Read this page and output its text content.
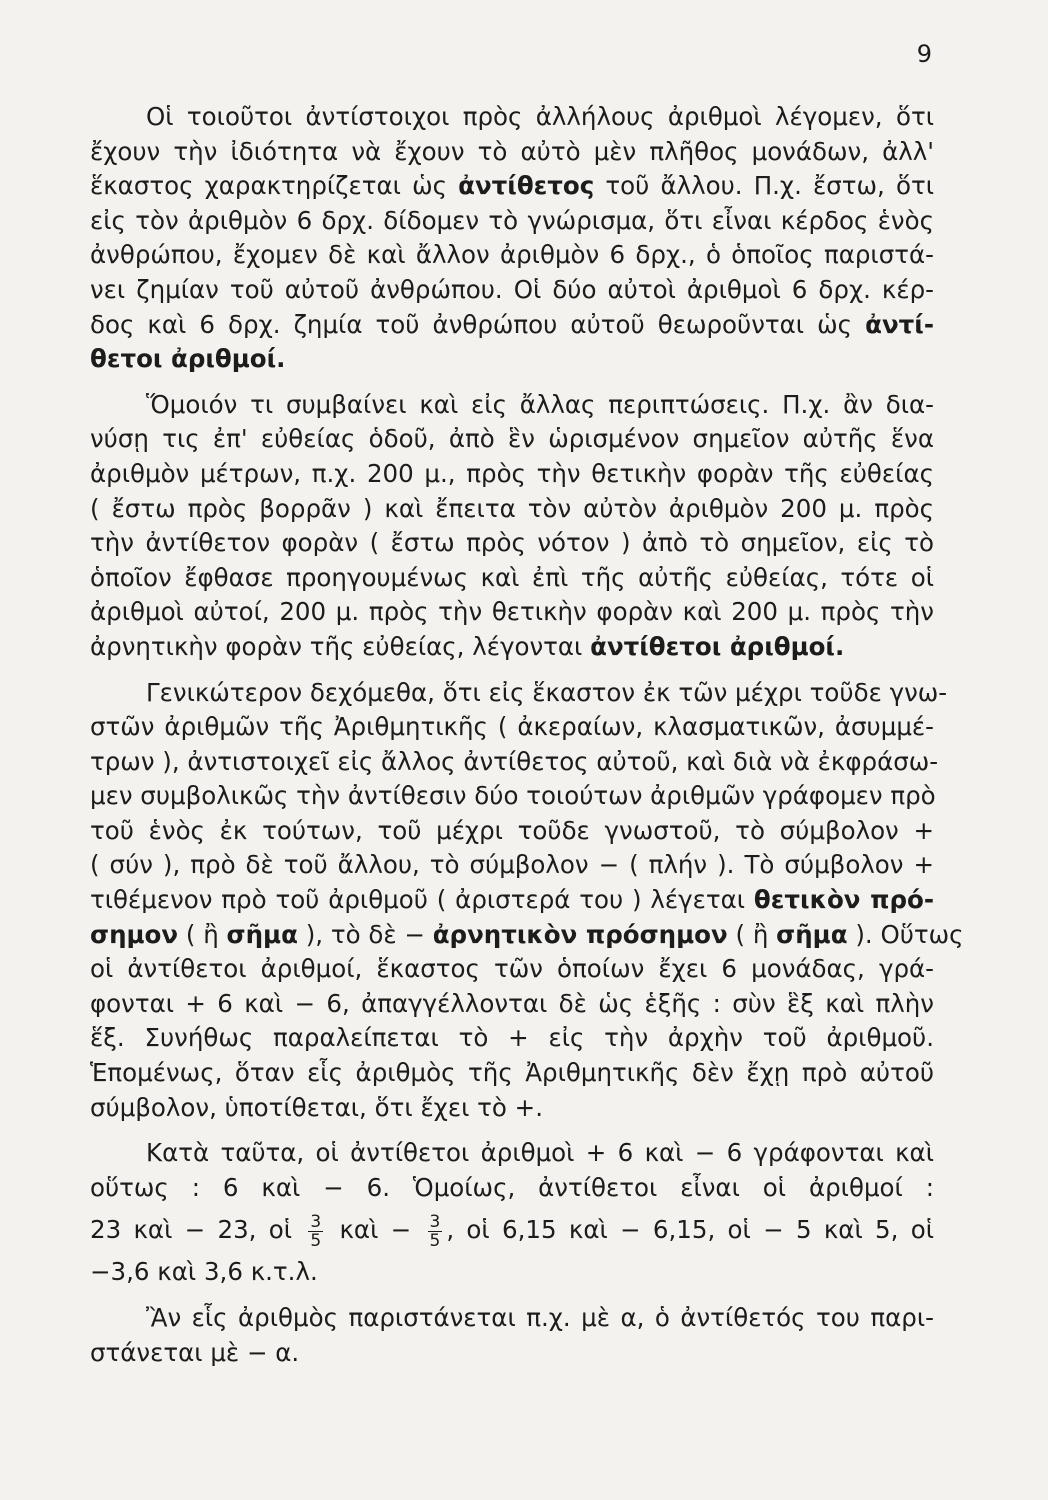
9
Οἱ τοιοῦτοι ἀντίστοιχοι πρὸς ἀλλήλους ἀριθμοὶ λέγομεν, ὅτι
ἔχουν τὴν ἰδιότητα νὰ ἔχουν τὸ αὐτὸ μὲν πλῆθος μονάδων, ἀλλ'
ἕκαστος χαρακτηρίζεται ὡς ἀντίθετος τοῦ ἄλλου. Π.χ. ἔστω, ὅτι
εἰς τὸν ἀριθμὸν 6 δρχ. δίδομεν τὸ γνώρισμα, ὅτι εἶναι κέρδος ἑνὸς
ἀνθρώπου, ἔχομεν δὲ καὶ ἄλλον ἀριθμὸν 6 δρχ., ὁ ὁποῖος παριστά-
νει ζημίαν τοῦ αὐτοῦ ἀνθρώπου. Οἱ δύο αὐτοὶ ἀριθμοὶ 6 δρχ. κέρ-
δος καὶ 6 δρχ. ζημία τοῦ ἀνθρώπου αὐτοῦ θεωροῦνται ὡς ἀντί-
θετοι ἀριθμοί.
Ὅμοιόν τι συμβαίνει καὶ εἰς ἄλλας περιπτώσεις. Π.χ. ἂν δια-
νύσῃ τις ἐπ' εὐθείας ὁδοῦ, ἀπὸ ἓν ὡρισμένον σημεῖον αὐτῆς ἕνα
ἀριθμὸν μέτρων, π.χ. 200 μ., πρὸς τὴν θετικὴν φορὰν τῆς εὐθείας
( ἔστω πρὸς βορρᾶν ) καὶ ἔπειτα τὸν αὐτὸν ἀριθμὸν 200 μ. πρὸς
τὴν ἀντίθετον φορὰν ( ἔστω πρὸς νότον ) ἀπὸ τὸ σημεῖον, εἰς τὸ
ὁποῖον ἔφθασε προηγουμένως καὶ ἐπὶ τῆς αὐτῆς εὐθείας, τότε οἱ
ἀριθμοὶ αὐτοί, 200 μ. πρὸς τὴν θετικὴν φορὰν καὶ 200 μ. πρὸς τὴν
ἀρνητικὴν φορὰν τῆς εὐθείας, λέγονται ἀντίθετοι ἀριθμοί.
Γενικώτερον δεχόμεθα, ὅτι εἰς ἕκαστον ἐκ τῶν μέχρι τοῦδε γνω-
στῶν ἀριθμῶν τῆς Ἀριθμητικῆς ( ἀκεραίων, κλασματικῶν, ἀσυμμέ-
τρων ), ἀντιστοιχεῖ εἰς ἄλλος ἀντίθετος αὐτοῦ, καὶ διὰ νὰ ἐκφράσω-
μεν συμβολικῶς τὴν ἀντίθεσιν δύο τοιούτων ἀριθμῶν γράφομεν πρὸ
τοῦ ἑνὸς ἐκ τούτων, τοῦ μέχρι τοῦδε γνωστοῦ, τὸ σύμβολον +
( σύν ), πρὸ δὲ τοῦ ἄλλου, τὸ σύμβολον − ( πλήν ). Τὸ σύμβολον +
τιθέμενον πρὸ τοῦ ἀριθμοῦ ( ἀριστερά του ) λέγεται θετικὸν πρό-
σημον ( ἢ σῆμα ), τὸ δὲ − ἀρνητικὸν πρόσημον ( ἢ σῆμα ). Οὕτως
οἱ ἀντίθετοι ἀριθμοί, ἕκαστος τῶν ὁποίων ἔχει 6 μονάδας, γρά-
φονται + 6 καὶ − 6, ἀπαγγέλλονται δὲ ὡς ἑξῆς : σὺν ἓξ καὶ πλὴν
ἕξ. Συνήθως παραλείπεται τὸ + εἰς τὴν ἀρχὴν τοῦ ἀριθμοῦ.
Ἑπομένως, ὅταν εἷς ἀριθμὸς τῆς Ἀριθμητικῆς δὲν ἔχῃ πρὸ αὐτοῦ
σύμβολον, ὑποτίθεται, ὅτι ἔχει τὸ +.
Κατὰ ταῦτα, οἱ ἀντίθετοι ἀριθμοὶ + 6 καὶ − 6 γράφονται καὶ
οὕτως : 6 καὶ − 6. Ὁμοίως, ἀντίθετοι εἶναι οἱ ἀριθμοί :
23 καὶ − 23, οἱ $\frac{3}{5}$ καὶ − $\frac{3}{5}$ , οἱ 6,15 καὶ − 6,15, οἱ − 5 καὶ 5, οἱ
−3,6 καὶ 3,6 κ.τ.λ.
Ἂν εἷς ἀριθμὸς παριστάνεται π.χ. μὲ α, ὁ ἀντίθετός του παρι-
στάνεται μὲ − α.
